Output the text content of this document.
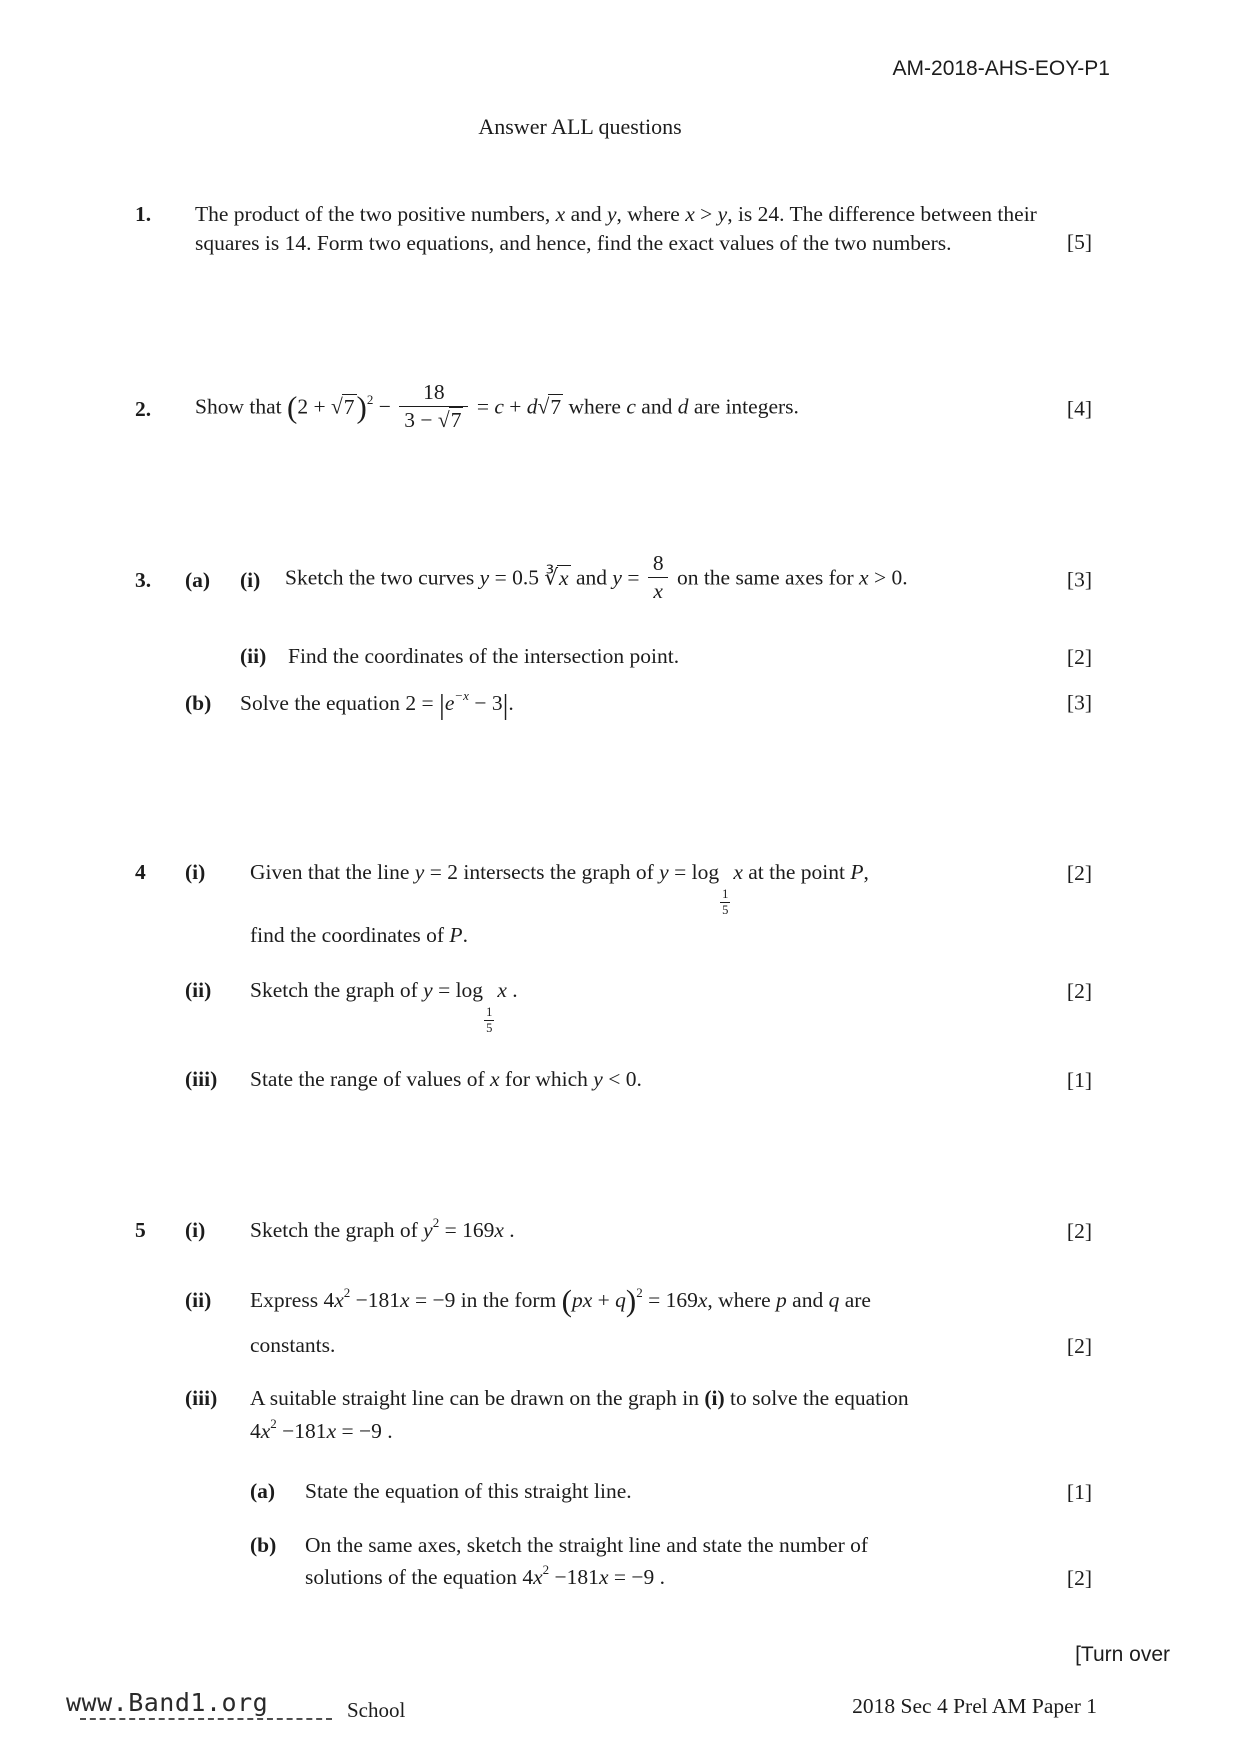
AM-2018-AHS-EOY-P1
Answer ALL questions
1.	The product of the two positive numbers, x and y, where x > y, is 24. The difference between their squares is 14. Form two equations, and hence, find the exact values of the two numbers.	[5]
2.	Show that $(2 + √7)^2 - \frac{18}{3 - √7} = c + d√7$ where c and d are integers.	[4]
3.	(a)	(i)	Sketch the two curves y = 0.5 ∛x and $y = \frac{8}{x}$ on the same axes for x > 0.	[3]
(ii)	Find the coordinates of the intersection point.	[2]
(b)	Solve the equation $2 = |e^{-x} - 3|$.	[3]
4	(i)	Given that the line y = 2 intersects the graph of y = log
$\frac{1}{5}$
x at the point P,	[2]
find the coordinates of P.
(ii)	Sketch the graph of y = log
$\frac{1}{5}$
x .	[2]
(iii)	State the range of values of x for which y < 0.	[1]
5	(i)	Sketch the graph of $y^2 = 169x$ .	[2]
(ii)	Express $4x^2 -181x = -9$ in the form (px + q)$^2$ = 169x, where p and q are
constants.	[2]
(iii)	A suitable straight line can be drawn on the graph in (i) to solve the equation
$4x^2 -181x = -9$ .
(a)	State the equation of this straight line.	[1]
(b)	On the same axes, sketch the straight line and state the number of
solutions of the equation $4x^2 -181x = -9$ .	[2]
[Turn over
www.Band1.org	School	2018 Sec 4 Prel AM Paper 1
